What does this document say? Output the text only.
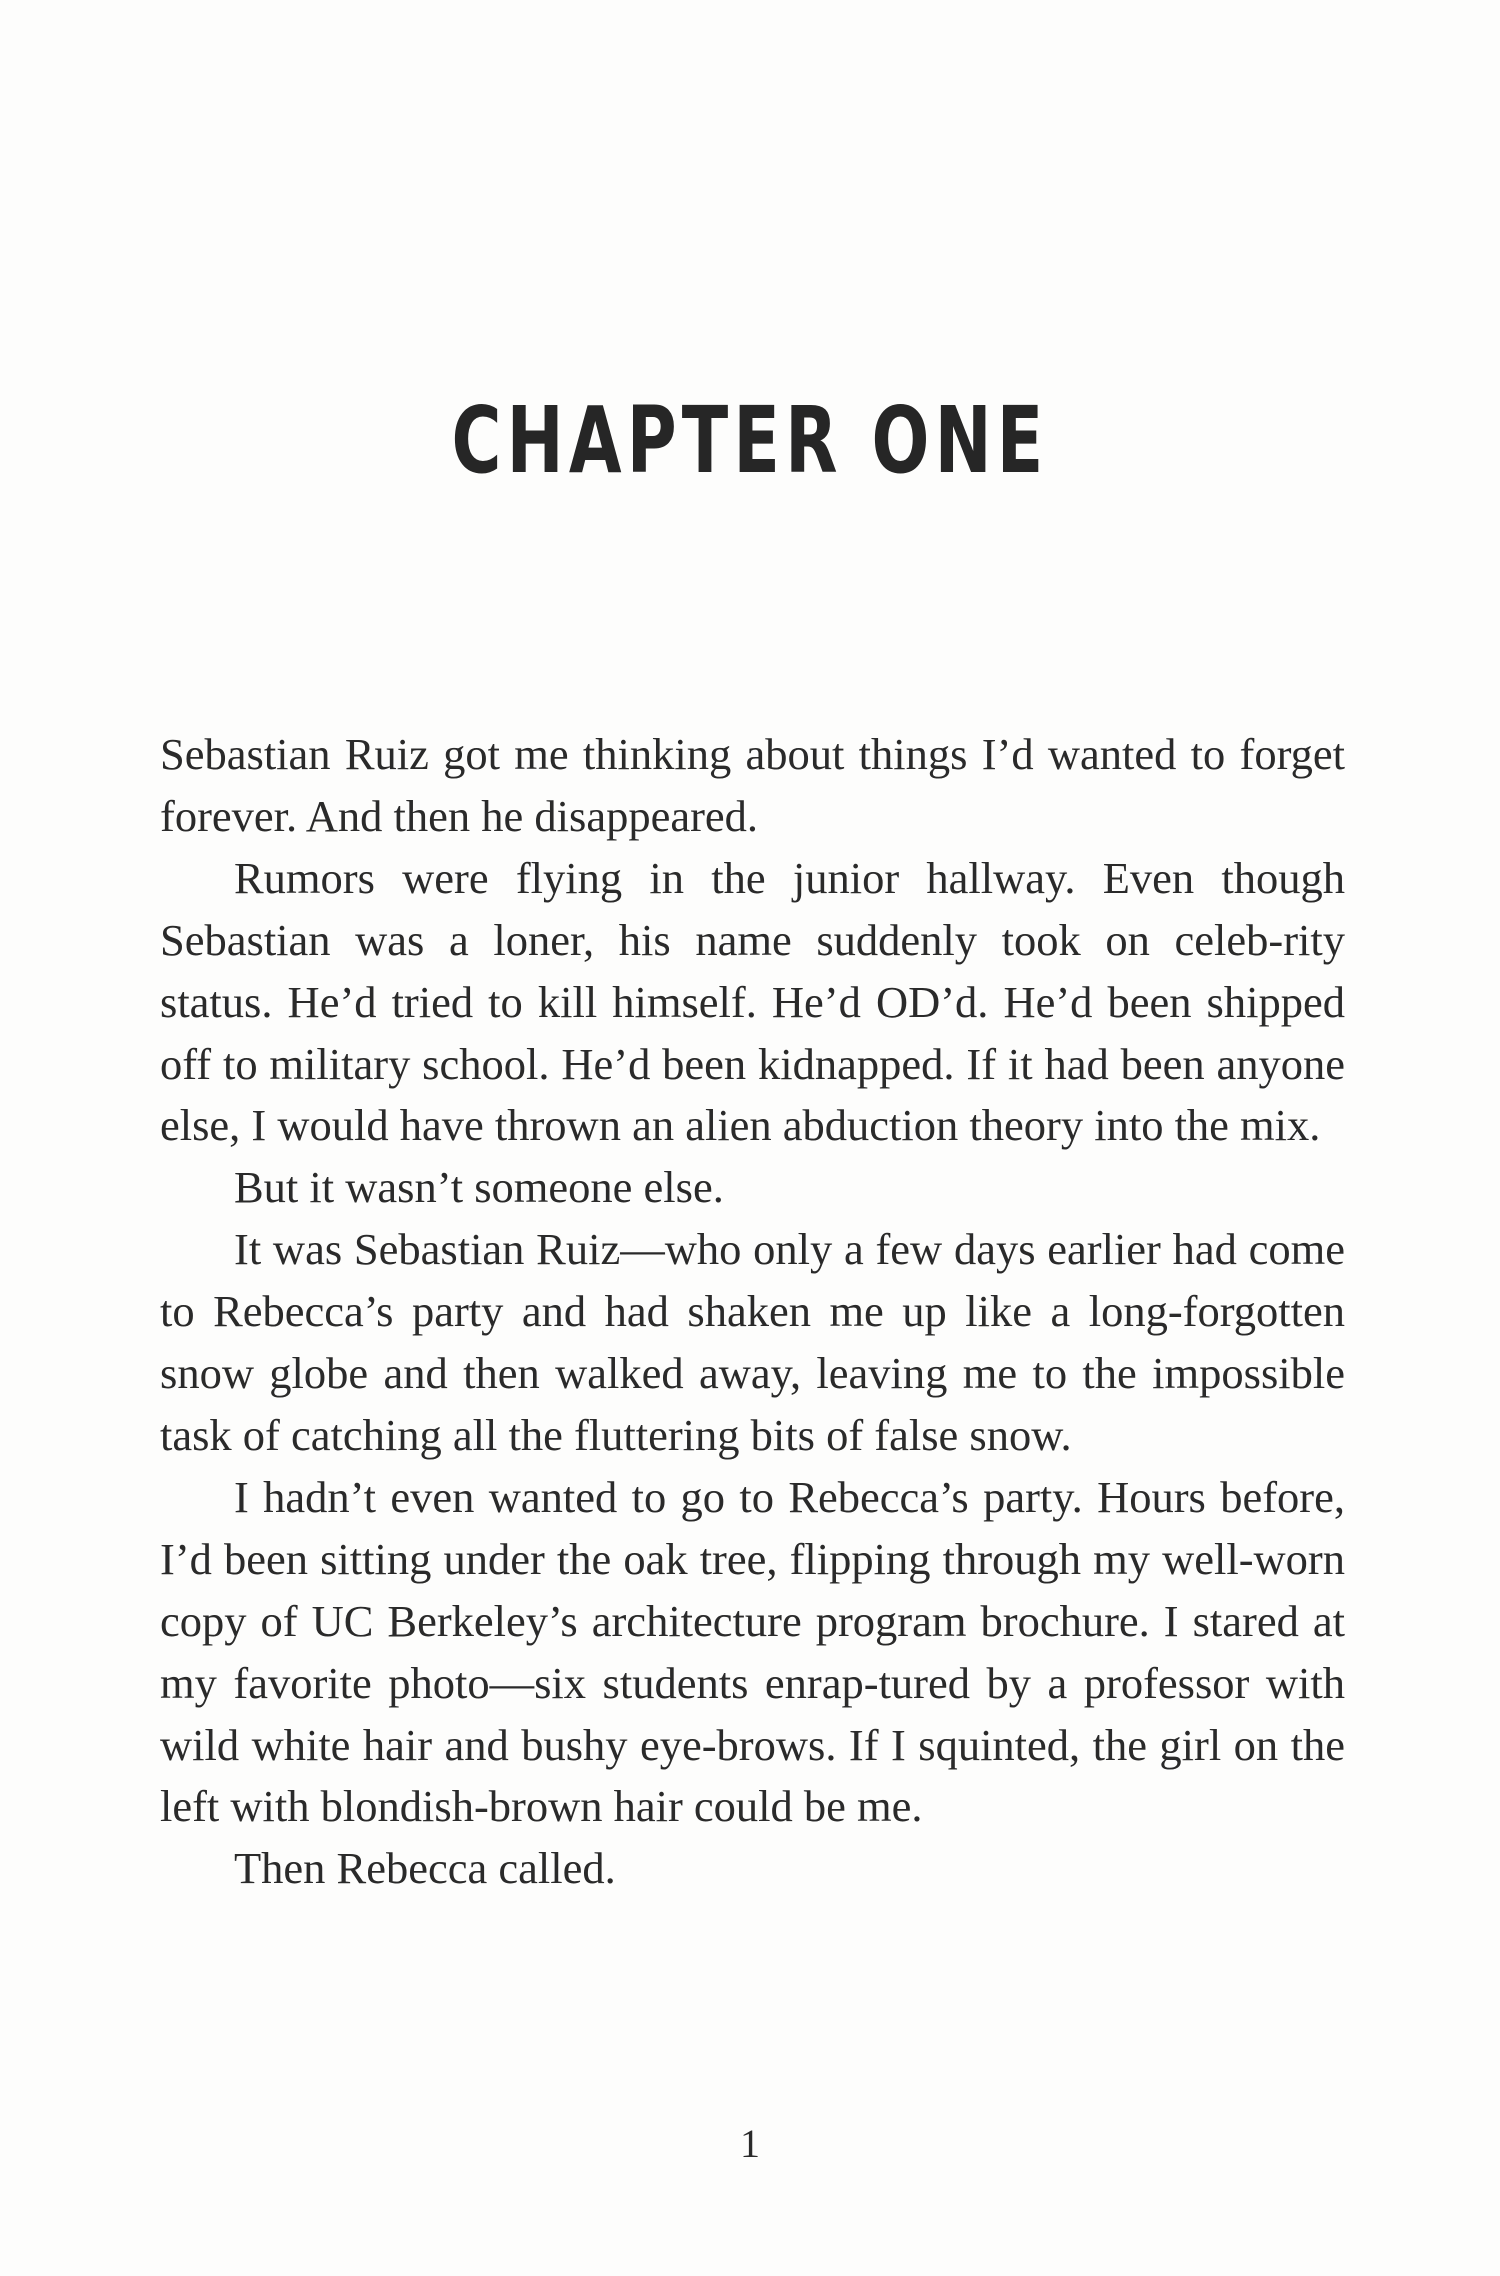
CHAPTER ONE

Sebastian Ruiz got me thinking about things I’d wanted to forget forever. And then he disappeared.

Rumors were flying in the junior hallway. Even though Sebastian was a loner, his name suddenly took on celeb-rity status. He’d tried to kill himself. He’d OD’d. He’d been shipped off to military school. He’d been kidnapped. If it had been anyone else, I would have thrown an alien abduction theory into the mix.

But it wasn’t someone else.

It was Sebastian Ruiz—who only a few days earlier had come to Rebecca’s party and had shaken me up like a long-forgotten snow globe and then walked away, leaving me to the impossible task of catching all the fluttering bits of false snow.

I hadn’t even wanted to go to Rebecca’s party. Hours before, I’d been sitting under the oak tree, flipping through my well-worn copy of UC Berkeley’s architecture program brochure. I stared at my favorite photo—six students enrap-tured by a professor with wild white hair and bushy eye-brows. If I squinted, the girl on the left with blondish-brown hair could be me.

Then Rebecca called.

1
